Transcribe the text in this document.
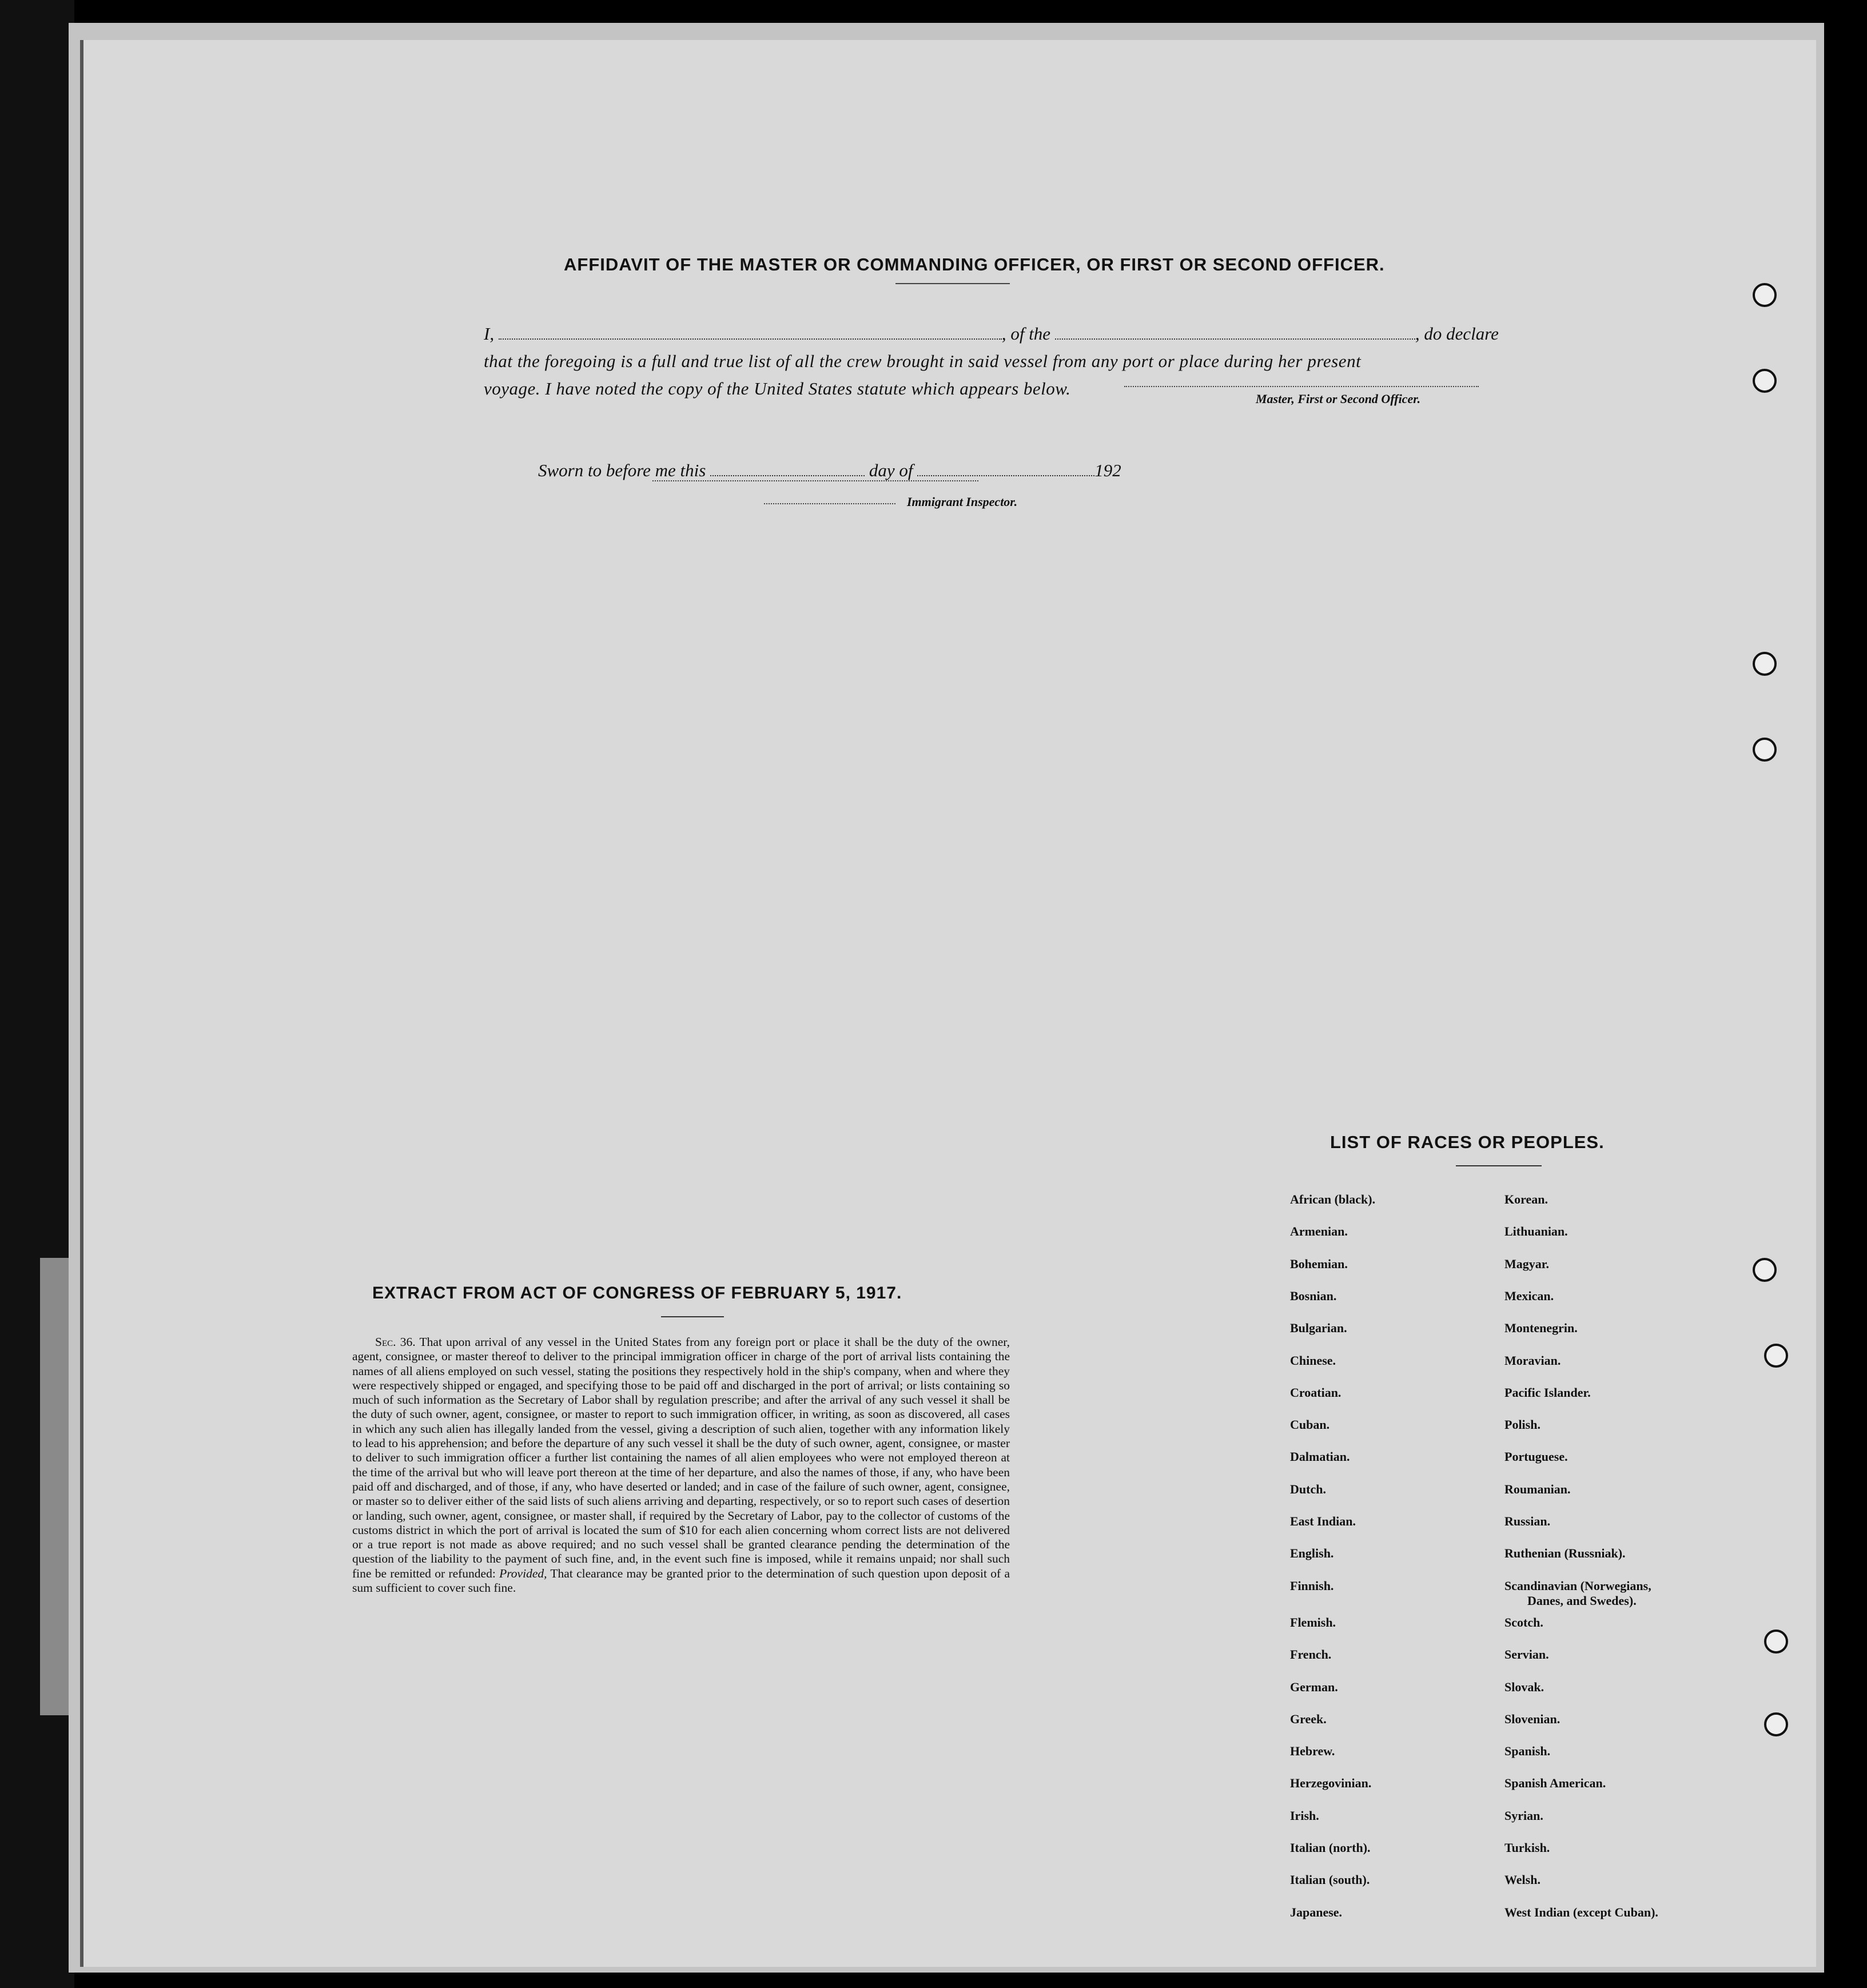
AFFIDAVIT OF THE MASTER OR COMMANDING OFFICER, OR FIRST OR SECOND OFFICER.
I,	, of the	, do declare
that the foregoing is a full and true list of all the crew brought in said vessel from any port or place during her present
voyage. I have noted the copy of the United States statute which appears below.
Master, First or Second Officer.
Sworn to before me this	day of	192
Immigrant Inspector.
LIST OF RACES OR PEOPLES.
EXTRACT FROM ACT OF CONGRESS OF FEBRUARY 5, 1917.
Sec. 36. That upon arrival of any vessel in the United States from any foreign port or place it shall be the duty of the owner, agent, consignee, or master thereof to deliver to the principal immigration officer in charge of the port of arrival lists containing the names of all aliens employed on such vessel, stating the positions they respectively hold in the ship's company, when and where they were respectively shipped or engaged, and specifying those to be paid off and discharged in the port of arrival; or lists containing so much of such information as the Secretary of Labor shall by regulation prescribe; and after the arrival of any such vessel it shall be the duty of such owner, agent, consignee, or master to report to such immigration officer, in writing, as soon as discovered, all cases in which any such alien has illegally landed from the vessel, giving a description of such alien, together with any information likely to lead to his apprehension; and before the departure of any such vessel it shall be the duty of such owner, agent, consignee, or master to deliver to such immigration officer a further list containing the names of all alien employees who were not employed thereon at the time of the arrival but who will leave port thereon at the time of her departure, and also the names of those, if any, who have been paid off and discharged, and of those, if any, who have deserted or landed; and in case of the failure of such owner, agent, consignee, or master so to deliver either of the said lists of such aliens arriving and departing, respectively, or so to report such cases of desertion or landing, such owner, agent, consignee, or master shall, if required by the Secretary of Labor, pay to the collector of customs of the customs district in which the port of arrival is located the sum of $10 for each alien concerning whom correct lists are not delivered or a true report is not made as above required; and no such vessel shall be granted clearance pending the determination of the question of the liability to the payment of such fine, and, in the event such fine is imposed, while it remains unpaid; nor shall such fine be remitted or refunded: Provided, That clearance may be granted prior to the determination of such question upon deposit of a sum sufficient to cover such fine.
African (black).
Armenian.
Bohemian.
Bosnian.
Bulgarian.
Chinese.
Croatian.
Cuban.
Dalmatian.
Dutch.
East Indian.
English.
Finnish.
Flemish.
French.
German.
Greek.
Hebrew.
Herzegovinian.
Irish.
Italian (north).
Italian (south).
Japanese.
Korean.
Lithuanian.
Magyar.
Mexican.
Montenegrin.
Moravian.
Pacific Islander.
Polish.
Portuguese.
Roumanian.
Russian.
Ruthenian (Russniak).
Scandinavian (Norwegians,
Danes, and Swedes).
Scotch.
Servian.
Slovak.
Slovenian.
Spanish.
Spanish American.
Syrian.
Turkish.
Welsh.
West Indian (except Cuban).
